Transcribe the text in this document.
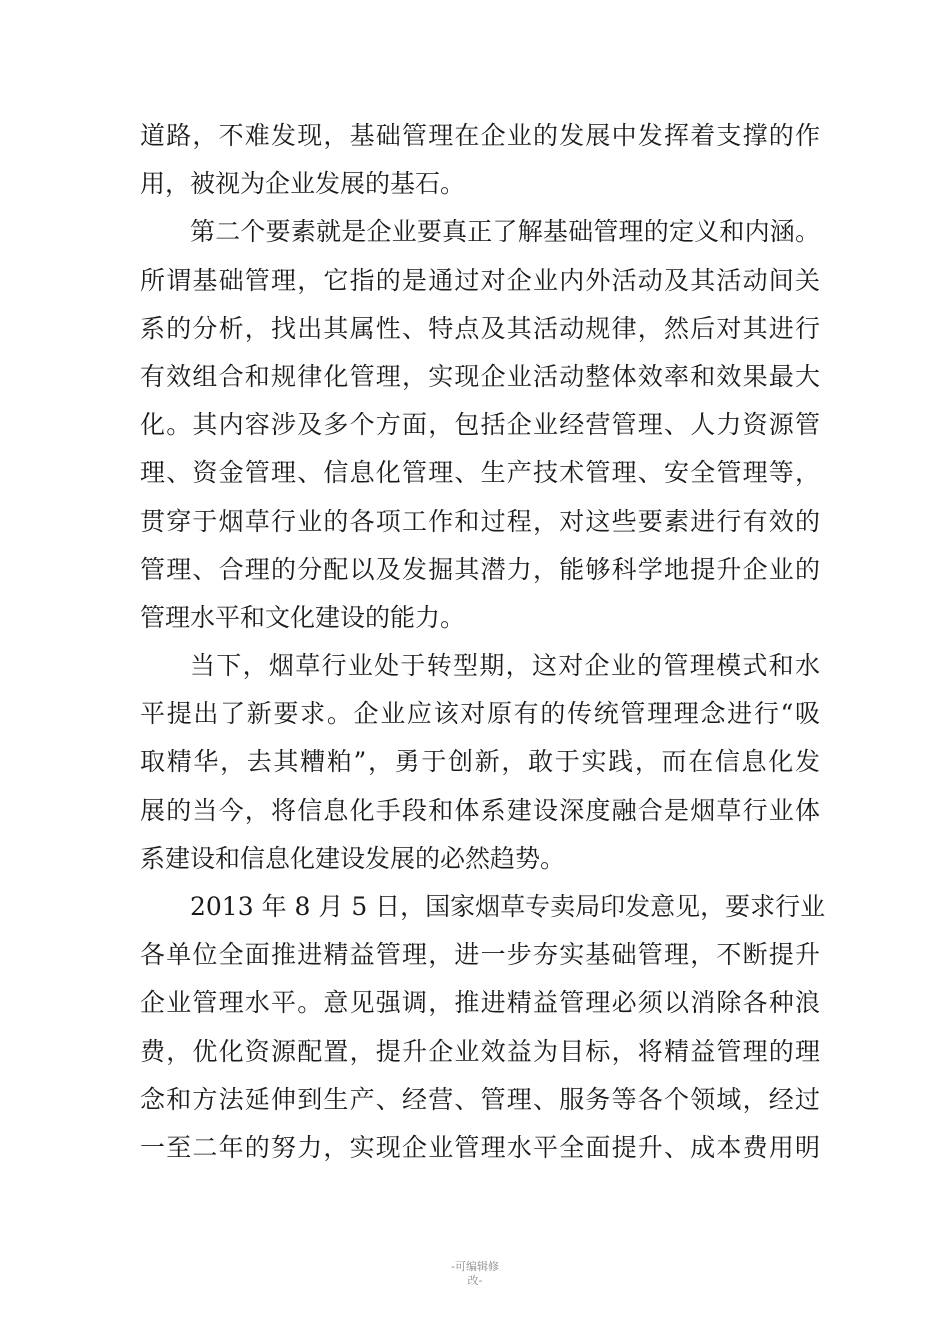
道路，不难发现，基础管理在企业的发展中发挥着支撑的作
用，被视为企业发展的基石。
第二个要素就是企业要真正了解基础管理的定义和内涵。
所谓基础管理，它指的是通过对企业内外活动及其活动间关
系的分析，找出其属性、特点及其活动规律，然后对其进行
有效组合和规律化管理，实现企业活动整体效率和效果最大
化。其内容涉及多个方面，包括企业经营管理、人力资源管
理、资金管理、信息化管理、生产技术管理、安全管理等，
贯穿于烟草行业的各项工作和过程，对这些要素进行有效的
管理、合理的分配以及发掘其潜力，能够科学地提升企业的
管理水平和文化建设的能力。
当下，烟草行业处于转型期，这对企业的管理模式和水
平提出了新要求。企业应该对原有的传统管理理念进行“吸
取精华，去其糟粕”，勇于创新，敢于实践，而在信息化发
展的当今，将信息化手段和体系建设深度融合是烟草行业体
系建设和信息化建设发展的必然趋势。
2013 年 8 月 5 日，国家烟草专卖局印发意见，要求行业
各单位全面推进精益管理，进一步夯实基础管理，不断提升
企业管理水平。意见强调，推进精益管理必须以消除各种浪
费，优化资源配置，提升企业效益为目标，将精益管理的理
念和方法延伸到生产、经营、管理、服务等各个领域，经过
一至二年的努力，实现企业管理水平全面提升、成本费用明
-可编辑修
改-
